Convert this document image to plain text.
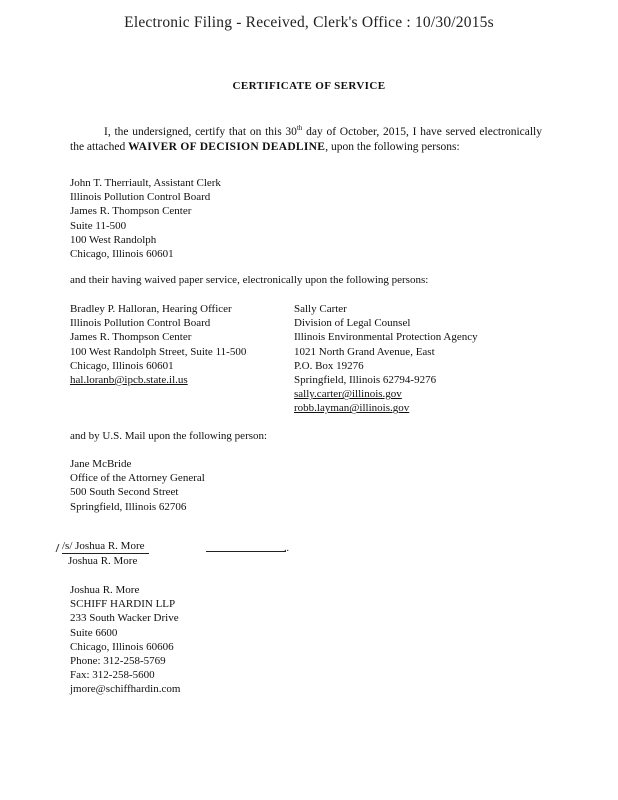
Electronic Filing - Received, Clerk's Office : 10/30/2015s
CERTIFICATE OF SERVICE
I, the undersigned, certify that on this 30th day of October, 2015, I have served electronically the attached WAIVER OF DECISION DEADLINE, upon the following persons:
John T. Therriault, Assistant Clerk
Illinois Pollution Control Board
James R. Thompson Center
Suite 11-500
100 West Randolph
Chicago, Illinois 60601
and their having waived paper service, electronically upon the following persons:
Bradley P. Halloran, Hearing Officer
Illinois Pollution Control Board
James R. Thompson Center
100 West Randolph Street, Suite 11-500
Chicago, Illinois 60601
hal.loranb@ipcb.state.il.us
Sally Carter
Division of Legal Counsel
Illinois Environmental Protection Agency
1021 North Grand Avenue, East
P.O. Box 19276
Springfield, Illinois 62794-9276
sally.carter@illinois.gov
robb.layman@illinois.gov
and by U.S. Mail upon the following person:
Jane McBride
Office of the Attorney General
500 South Second Street
Springfield, Illinois 62706
/s/ Joshua R. More
Joshua R. More
..
Joshua R. More
SCHIFF HARDIN LLP
233 South Wacker Drive
Suite 6600
Chicago, Illinois 60606
Phone: 312-258-5769
Fax: 312-258-5600
jmore@schiffhardin.com
